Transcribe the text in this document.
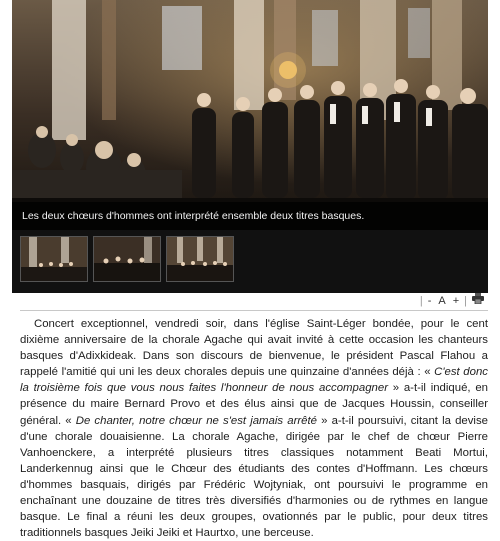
Les deux chœurs d'hommes ont interprété ensemble deux titres basques.
| - A + |

Concert exceptionnel, vendredi soir, dans l'église Saint-Léger bondée, pour le cent dixième anniversaire de la chorale Agache qui avait invité à cette occasion les chanteurs basques d'Adixkideak. Dans son discours de bienvenue, le président Pascal Flahou a rappelé l'amitié qui uni les deux chorales depuis une quinzaine d'années déjà : « C'est donc la troisième fois que vous nous faites l'honneur de nous accompagner » a-t-il indiqué, en présence du maire Bernard Provo et des élus ainsi que de Jacques Houssin, conseiller général. « De chanter, notre chœur ne s'est jamais arrêté » a-t-il poursuivi, citant la devise d'une chorale douaisienne. La chorale Agache, dirigée par le chef de chœur Pierre Vanhoenckere, a interprété plusieurs titres classiques notamment Beati Mortui, Landerkennug ainsi que le Chœur des étudiants des contes d'Hoffmann. Les chœurs d'hommes basquais, dirigés par Frédéric Wojtyniak, ont poursuivi le programme en enchaînant une douzaine de titres très diversifiés d'harmonies ou de rythmes en langue basque. Le final a réuni les deux groupes, ovationnés par le public, pour deux titres traditionnels basques Jeiki Jeiki et Haurtxo, une berceuse.
